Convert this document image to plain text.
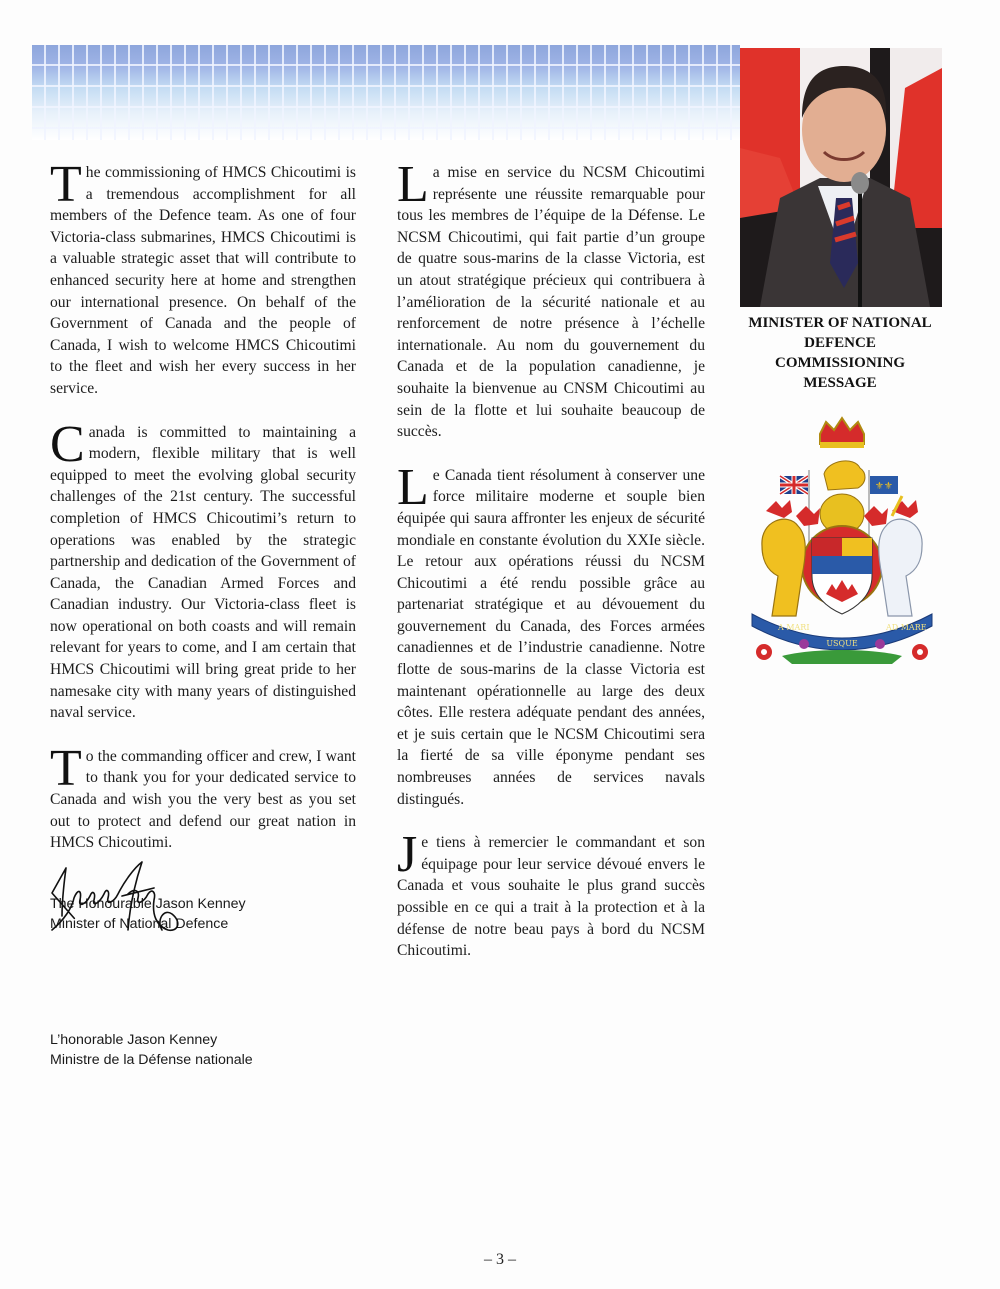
The commissioning of HMCS Chicoutimi is a tremendous accomplishment for all members of the Defence team. As one of four Victoria-class submarines, HMCS Chicoutimi is a valuable strategic asset that will contribute to enhanced security here at home and strengthen our international presence. On behalf of the Government of Canada and the people of Canada, I wish to welcome HMCS Chicoutimi to the fleet and wish her every success in her service.

Canada is committed to maintaining a modern, flexible military that is well equipped to meet the evolving global security challenges of the 21st century. The successful completion of HMCS Chicoutimi’s return to operations was enabled by the strategic partnership and dedication of the Government of Canada, the Canadian Armed Forces and Canadian industry. Our Victoria-class fleet is now operational on both coasts and will remain relevant for years to come, and I am certain that HMCS Chicoutimi will bring great pride to her namesake city with many years of distinguished naval service.

To the commanding officer and crew, I want to thank you for your dedicated service to Canada and wish you the very best as you set out to protect and defend our great nation in HMCS Chicoutimi.

The Honourable Jason Kenney
Minister of National Defence
L’honorable Jason Kenney
Ministre de la Défense nationale

La mise en service du NCSM Chicoutimi représente une réussite remarquable pour tous les membres de l’équipe de la Défense. Le NCSM Chicoutimi, qui fait partie d’un groupe de quatre sous-marins de la classe Victoria, est un atout stratégique précieux qui contribuera à l’amélioration de la sécurité nationale et au renforcement de notre présence à l’échelle internationale. Au nom du gouvernement du Canada et de la population canadienne, je souhaite la bienvenue au CNSM Chicoutimi au sein de la flotte et lui souhaite beaucoup de succès.

Le Canada tient résolument à conserver une force militaire moderne et souple bien équipée qui saura affronter les enjeux de sécurité mondiale en constante évolution du XXIe siècle. Le retour aux opérations réussi du NCSM Chicoutimi a été rendu possible grâce au partenariat stratégique et au dévouement du gouvernement du Canada, des Forces armées canadiennes et de l’industrie canadienne. Notre flotte de sous-marins de la classe Victoria est maintenant opérationnelle au large des deux côtes. Elle restera adéquate pendant des années, et je suis certain que le NCSM Chicoutimi sera la fierté de sa ville éponyme pendant ses nombreuses années de services navals distingués.

Je tiens à remercier le commandant et son équipage pour leur service dévoué envers le Canada et vous souhaite le plus grand succès possible en ce qui a trait à la protection et à la défense de notre beau pays à bord du NCSM Chicoutimi.

MINISTER OF NATIONAL
DEFENCE
COMMISSIONING
MESSAGE
⚜⚜
A MARI
USQUE
AD MARE
– 3 –
